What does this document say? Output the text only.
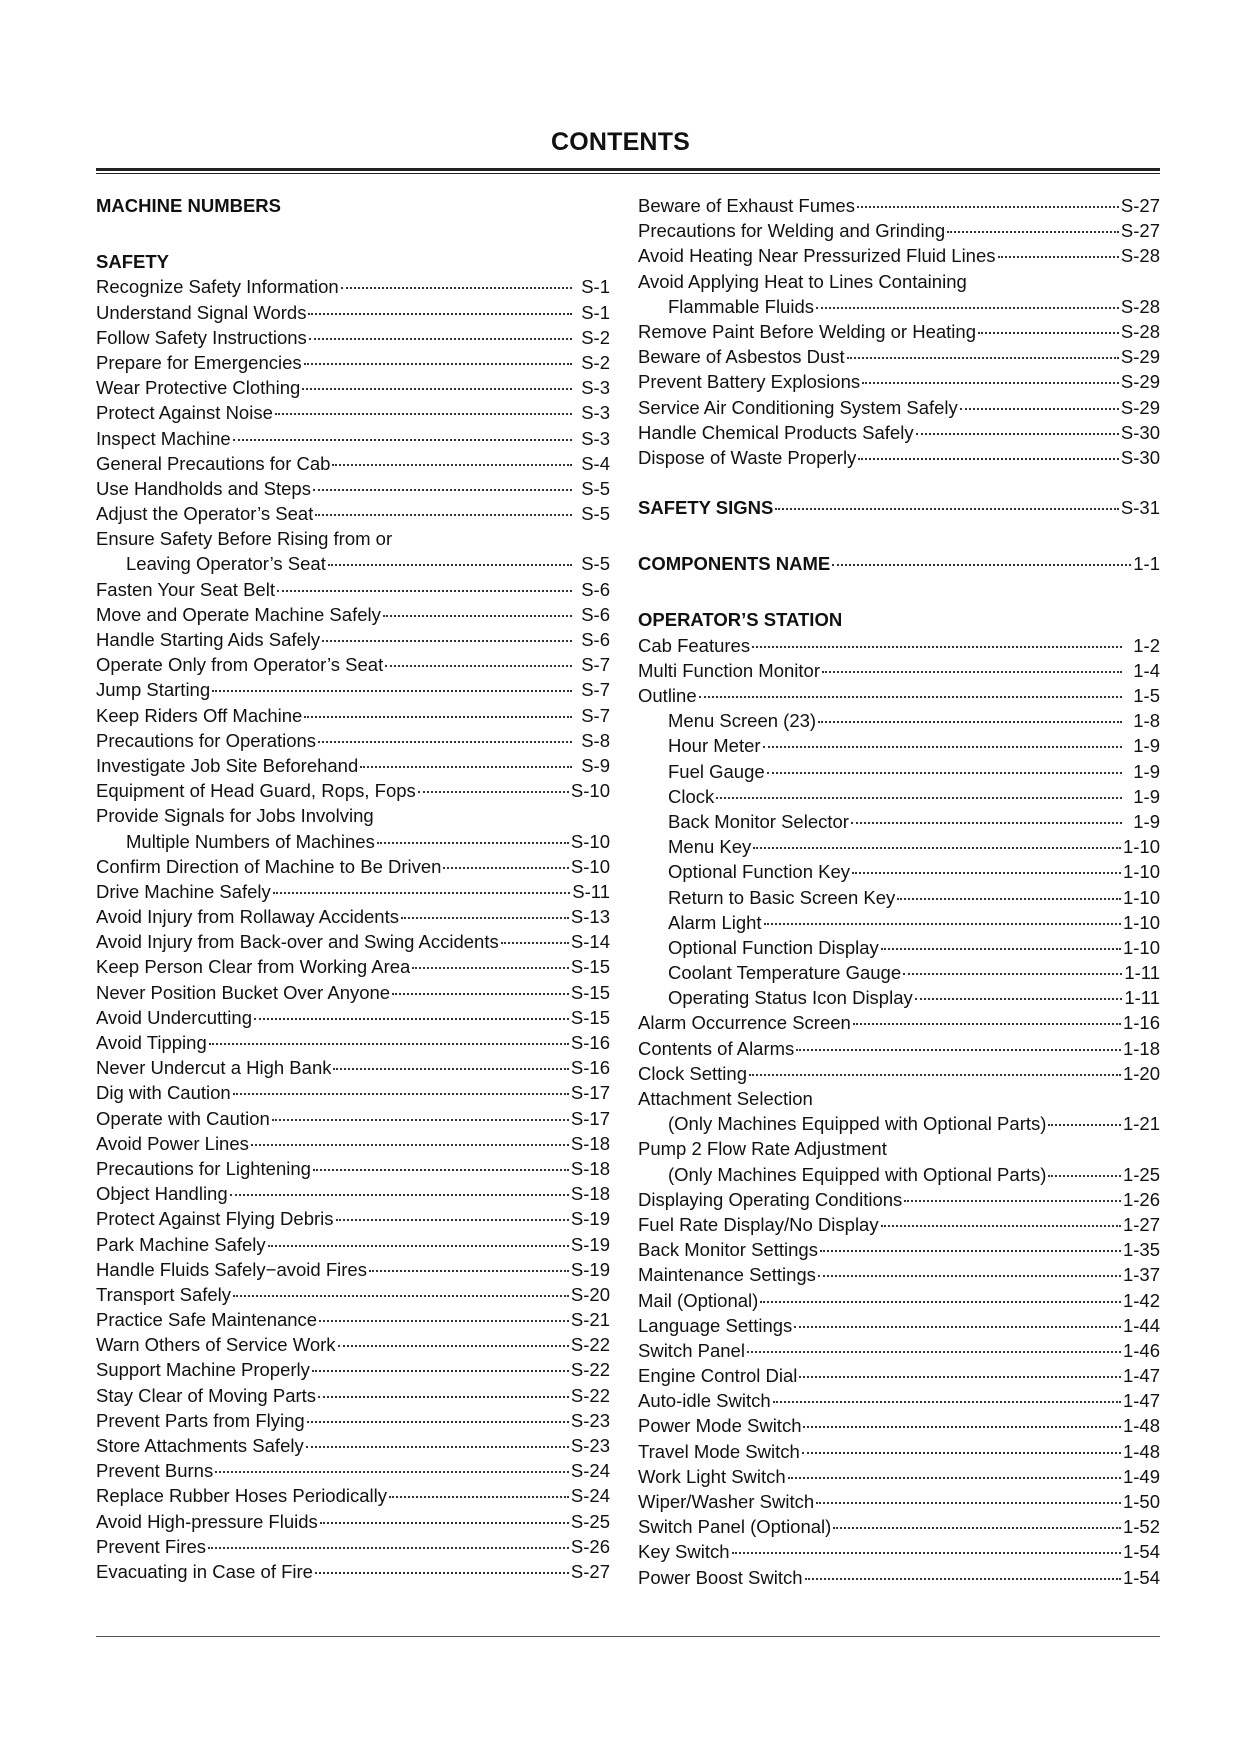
CONTENTS
MACHINE NUMBERS
SAFETY
Recognize Safety Information	S-1
Understand Signal Words	S-1
Follow Safety Instructions	S-2
Prepare for Emergencies	S-2
Wear Protective Clothing	S-3
Protect Against Noise	S-3
Inspect Machine	S-3
General Precautions for Cab	S-4
Use Handholds and Steps	S-5
Adjust the Operator’s Seat	S-5
Ensure Safety Before Rising from or
Leaving Operator’s Seat	S-5
Fasten Your Seat Belt	S-6
Move and Operate Machine Safely	S-6
Handle Starting Aids Safely	S-6
Operate Only from Operator’s Seat	S-7
Jump Starting	S-7
Keep Riders Off Machine	S-7
Precautions for Operations	S-8
Investigate Job Site Beforehand	S-9
Equipment of Head Guard, Rops, Fops	S-10
Provide Signals for Jobs Involving
Multiple Numbers of Machines	S-10
Confirm Direction of Machine to Be Driven	S-10
Drive Machine Safely	S-11
Avoid Injury from Rollaway Accidents	S-13
Avoid Injury from Back-over and Swing Accidents	S-14
Keep Person Clear from Working Area	S-15
Never Position Bucket Over Anyone	S-15
Avoid Undercutting	S-15
Avoid Tipping	S-16
Never Undercut a High Bank	S-16
Dig with Caution	S-17
Operate with Caution	S-17
Avoid Power Lines	S-18
Precautions for Lightening	S-18
Object Handling	S-18
Protect Against Flying Debris	S-19
Park Machine Safely	S-19
Handle Fluids Safely−avoid Fires	S-19
Transport Safely	S-20
Practice Safe Maintenance	S-21
Warn Others of Service Work	S-22
Support Machine Properly	S-22
Stay Clear of Moving Parts	S-22
Prevent Parts from Flying	S-23
Store Attachments Safely	S-23
Prevent Burns	S-24
Replace Rubber Hoses Periodically	S-24
Avoid High-pressure Fluids	S-25
Prevent Fires	S-26
Evacuating in Case of Fire	S-27
Beware of Exhaust Fumes	S-27
Precautions for Welding and Grinding	S-27
Avoid Heating Near Pressurized Fluid Lines	S-28
Avoid Applying Heat to Lines Containing
Flammable Fluids	S-28
Remove Paint Before Welding or Heating	S-28
Beware of Asbestos Dust	S-29
Prevent Battery Explosions	S-29
Service Air Conditioning System Safely	S-29
Handle Chemical Products Safely	S-30
Dispose of Waste Properly	S-30
SAFETY SIGNS	S-31
COMPONENTS NAME	1-1
OPERATOR’S STATION
Cab Features	1-2
Multi Function Monitor	1-4
Outline	1-5
Menu Screen (23)	1-8
Hour Meter	1-9
Fuel Gauge	1-9
Clock	1-9
Back Monitor Selector	1-9
Menu Key	1-10
Optional Function Key	1-10
Return to Basic Screen Key	1-10
Alarm Light	1-10
Optional Function Display	1-10
Coolant Temperature Gauge	1-11
Operating Status Icon Display	1-11
Alarm Occurrence Screen	1-16
Contents of Alarms	1-18
Clock Setting	1-20
Attachment Selection
(Only Machines Equipped with Optional Parts)	1-21
Pump 2 Flow Rate Adjustment
(Only Machines Equipped with Optional Parts)	1-25
Displaying Operating Conditions	1-26
Fuel Rate Display/No Display	1-27
Back Monitor Settings	1-35
Maintenance Settings	1-37
Mail (Optional)	1-42
Language Settings	1-44
Switch Panel	1-46
Engine Control Dial	1-47
Auto-idle Switch	1-47
Power Mode Switch	1-48
Travel Mode Switch	1-48
Work Light Switch	1-49
Wiper/Washer Switch	1-50
Switch Panel (Optional)	1-52
Key Switch	1-54
Power Boost Switch	1-54
